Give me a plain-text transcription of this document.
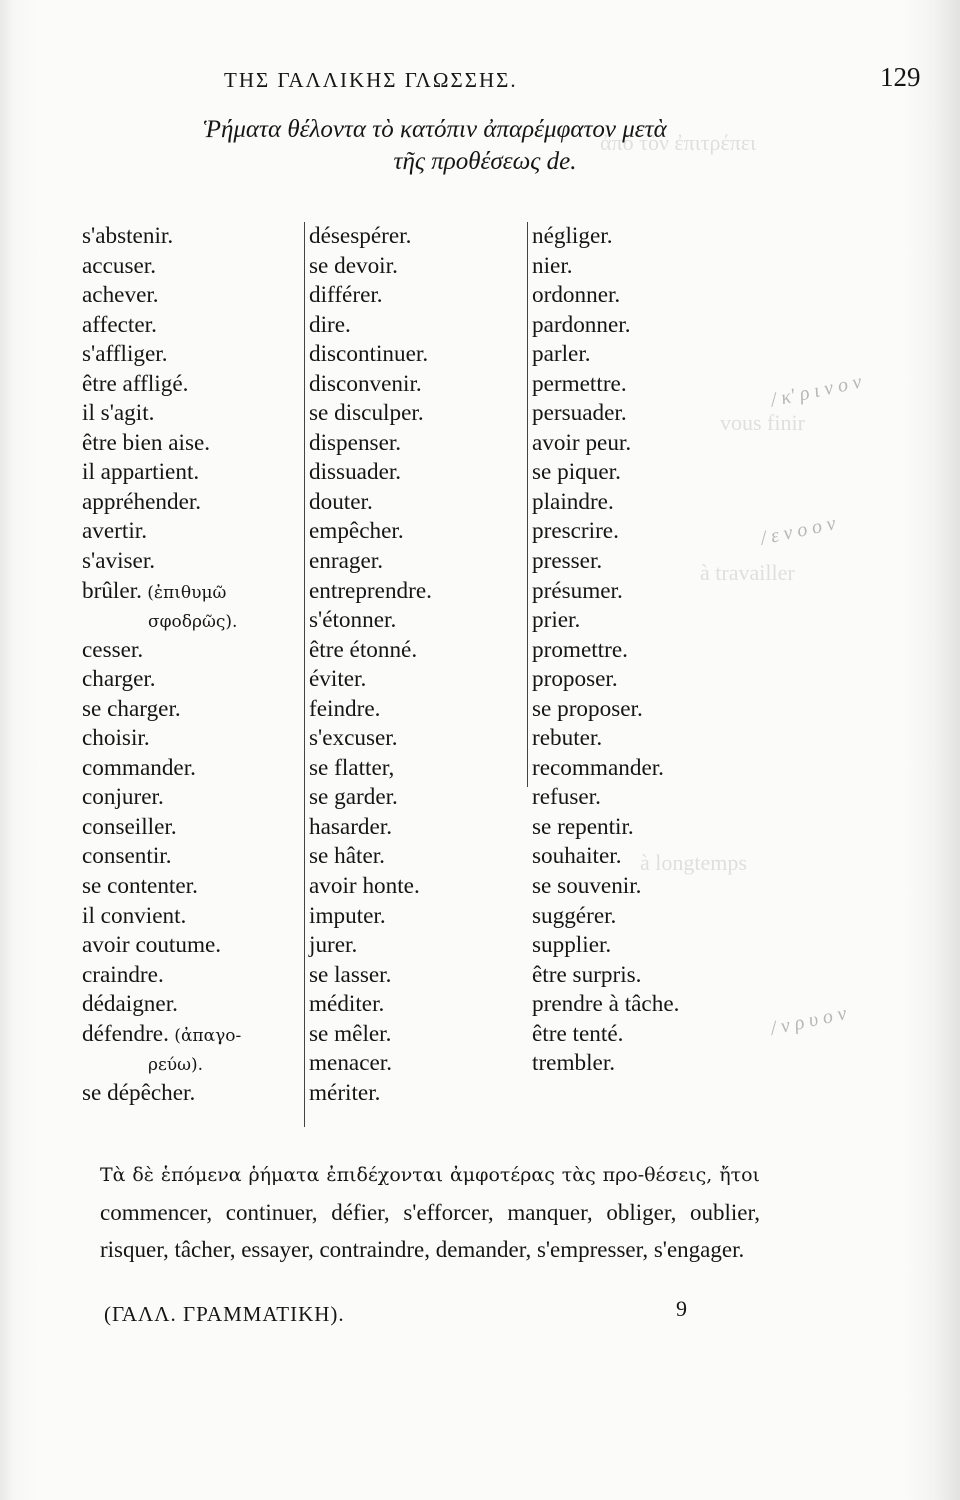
ἀπὸ τὸν ἐπιτρέπει
vous finir
à travailler
à longtemps
ΤΗΣ ΓΑΛΛΙΚΗΣ ΓΛΩΣΣΗΣ.	129
Ῥήματα θέλοντα τὸ κατόπιν ἀπαρέμφατον μετὰ
τῆς προθέσεως de.
s'abstenir.
accuser.
achever.
affecter.
s'affliger.
être affligé.
il s'agit.
être bien aise.
il appartient.
appréhender.
avertir.
s'aviser.
brûler. (ἐπιθυμῶ
σφοδρῶς).
cesser.
charger.
se charger.
choisir.
commander.
conjurer.
conseiller.
consentir.
se contenter.
il convient.
avoir coutume.
craindre.
dédaigner.
défendre. (ἀπαγο-
ρεύω).
se dépêcher.
désespérer.
se devoir.
différer.
dire.
discontinuer.
disconvenir.
se disculper.
dispenser.
dissuader.
douter.
empêcher.
enrager.
entreprendre.
s'étonner.
être étonné.
éviter.
feindre.
s'excuser.
se flatter,
se garder.
hasarder.
se hâter.
avoir honte.
imputer.
jurer.
se lasser.
méditer.
se mêler.
menacer.
mériter.
négliger.
nier.
ordonner.
pardonner.
parler.
permettre.
persuader.
avoir peur.
se piquer.
plaindre.
prescrire.
presser.
présumer.
prier.
promettre.
proposer.
se proposer.
rebuter.
recommander.
refuser.
se repentir.
souhaiter.
se souvenir.
suggérer.
supplier.
être surpris.
prendre à tâche.
être tenté.
trembler.
Τὰ δὲ ἑπόμενα ῥήματα ἐπιδέχονται ἀμφοτέρας τὰς προ-θέσεις, ἤτοι commencer, continuer, défier, s'efforcer, manquer, obliger, oublier, risquer, tâcher, essayer, contraindre, demander, s'empresser, s'engager.
(ΓΑΛΛ. ΓΡΑΜΜΑΤΙΚΗ).	9
/ κ' ρ ι ν ο ν
/ ε ν ο ο ν
/ ν ρ υ ο ν
